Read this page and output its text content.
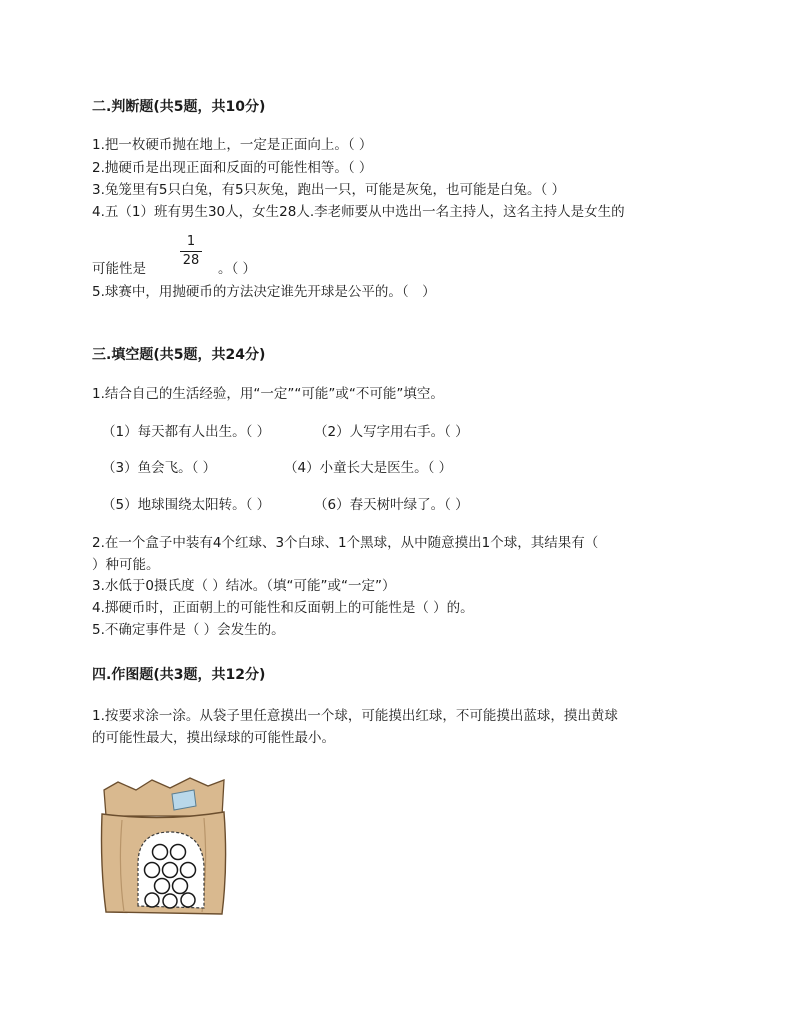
二.判断题(共5题，共10分)
1.把一枚硬币抛在地上，一定是正面向上。（ ）
2.抛硬币是出现正面和反面的可能性相等。（ ）
3.兔笼里有5只白兔，有5只灰兔，跑出一只，可能是灰兔，也可能是白兔。（ ）
4.五（1）班有男生30人，女生28人.李老师要从中选出一名主持人，这名主持人是女生的
1
28
可能性是	。（ ）
5.球赛中，用抛硬币的方法决定谁先开球是公平的。（　）
三.填空题(共5题，共24分)
1.结合自己的生活经验，用“一定”“可能”或“不可能”填空。
（1）每天都有人出生。（ ）	（2）人写字用右手。（ ）
（3）鱼会飞。（ ）	（4）小童长大是医生。（ ）
（5）地球围绕太阳转。（ ）	（6）春天树叶绿了。（ ）
2.在一个盒子中装有4个红球、3个白球、1个黑球，从中随意摸出1个球，其结果有（
）种可能。
3.水低于0摄氏度（ ）结冰。（填“可能”或“一定”）
4.掷硬币时，正面朝上的可能性和反面朝上的可能性是（ ）的。
5.不确定事件是（ ）会发生的。
四.作图题(共3题，共12分)
1.按要求涂一涂。从袋子里任意摸出一个球，可能摸出红球，不可能摸出蓝球，摸出黄球
的可能性最大，摸出绿球的可能性最小。
